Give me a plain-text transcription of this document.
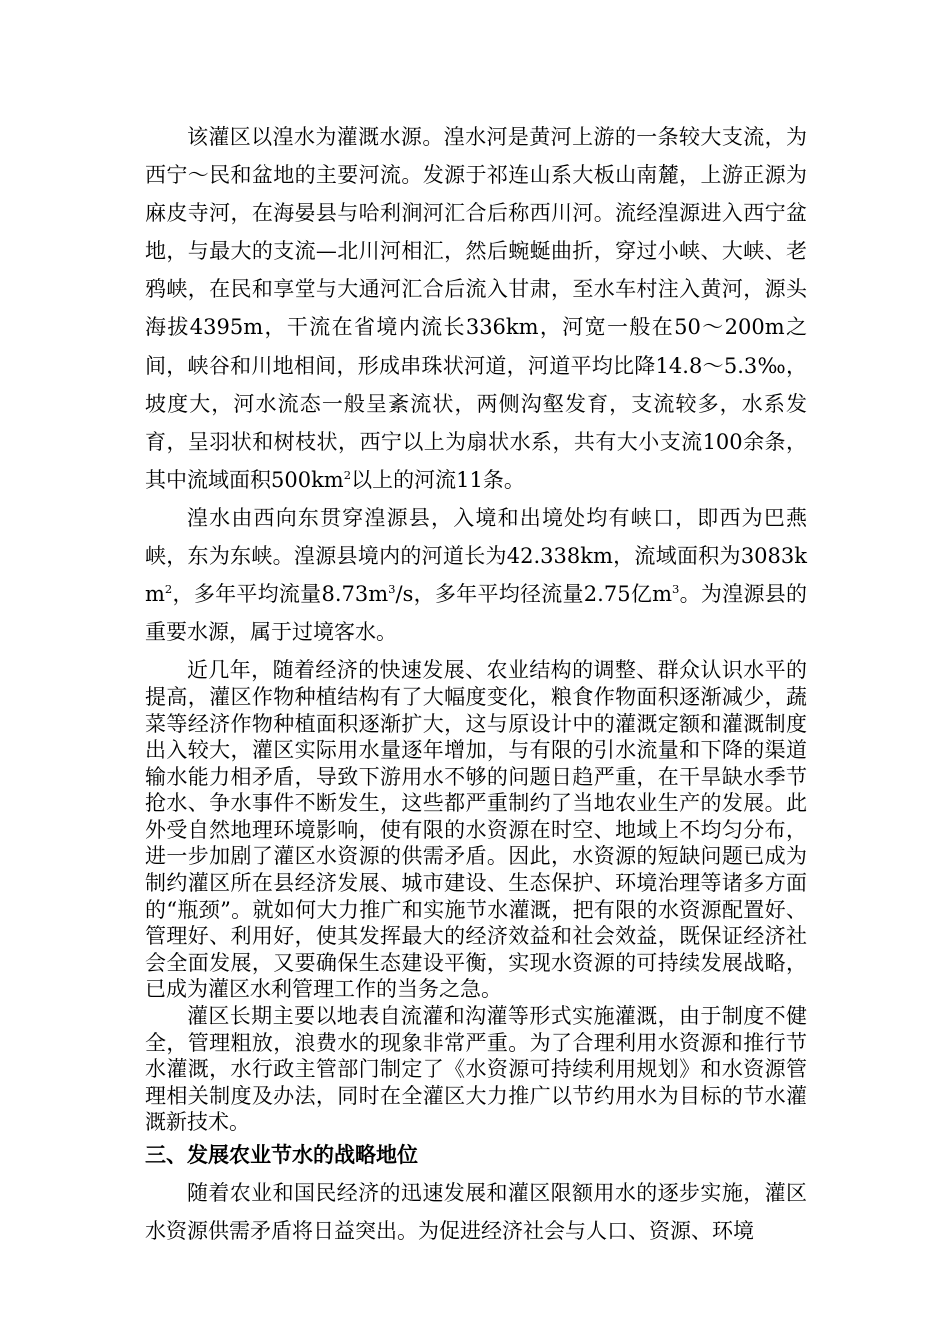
该灌区以湟水为灌溉水源。湟水河是黄河上游的一条较大支流，为西宁～民和盆地的主要河流。发源于祁连山系大板山南麓，上游正源为麻皮寺河，在海晏县与哈利涧河汇合后称西川河。流经湟源进入西宁盆地，与最大的支流—北川河相汇，然后蜿蜒曲折，穿过小峡、大峡、老鸦峡，在民和享堂与大通河汇合后流入甘肃，至水车村注入黄河，源头海拔4395m，干流在省境内流长336km，河宽一般在50～200m之间，峡谷和川地相间，形成串珠状河道，河道平均比降14.8～5.3‰，坡度大，河水流态一般呈紊流状，两侧沟壑发育，支流较多，水系发育，呈羽状和树枝状，西宁以上为扇状水系，共有大小支流100余条，其中流域面积$500km^2$以上的河流11条。

湟水由西向东贯穿湟源县，入境和出境处均有峡口，即西为巴燕峡，东为东峡。湟源县境内的河道长为42.338km，流域面积为$3083km^2$，多年平均流量$8.73m^3/s$，多年平均径流量2.75亿$m^3$。为湟源县的重要水源，属于过境客水。

近几年，随着经济的快速发展、农业结构的调整、群众认识水平的提高，灌区作物种植结构有了大幅度变化，粮食作物面积逐渐减少，蔬菜等经济作物种植面积逐渐扩大，这与原设计中的灌溉定额和灌溉制度出入较大，灌区实际用水量逐年增加，与有限的引水流量和下降的渠道输水能力相矛盾，导致下游用水不够的问题日趋严重，在干旱缺水季节抢水、争水事件不断发生，这些都严重制约了当地农业生产的发展。此外受自然地理环境影响，使有限的水资源在时空、地域上不均匀分布，进一步加剧了灌区水资源的供需矛盾。因此，水资源的短缺问题已成为制约灌区所在县经济发展、城市建设、生态保护、环境治理等诸多方面的“瓶颈”。就如何大力推广和实施节水灌溉，把有限的水资源配置好、管理好、利用好，使其发挥最大的经济效益和社会效益，既保证经济社会全面发展，又要确保生态建设平衡，实现水资源的可持续发展战略，已成为灌区水利管理工作的当务之急。

灌区长期主要以地表自流灌和沟灌等形式实施灌溉，由于制度不健全，管理粗放，浪费水的现象非常严重。为了合理利用水资源和推行节水灌溉，水行政主管部门制定了《水资源可持续利用规划》和水资源管理相关制度及办法，同时在全灌区大力推广以节约用水为目标的节水灌溉新技术。

三、发展农业节水的战略地位

随着农业和国民经济的迅速发展和灌区限额用水的逐步实施，灌区水资源供需矛盾将日益突出。为促进经济社会与人口、资源、环境
